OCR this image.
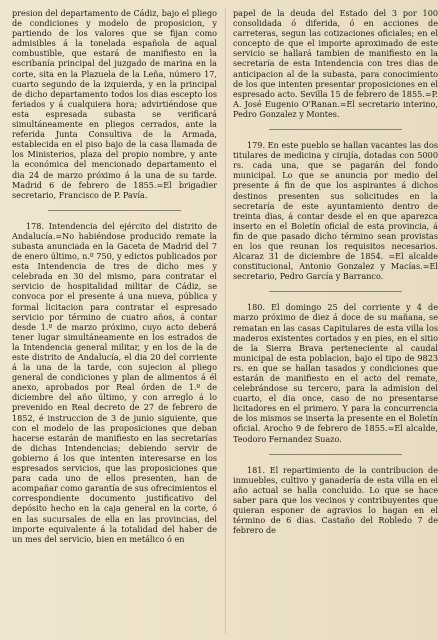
presion del departamento de Cádiz, bajo el pliego de condiciones y modelo de proposicion, y partiendo de los valores que se fijan como admisibles á la tonelada española de aqual combustible, que estará de manifiesto en la escribanía principal del juzgado de marina en la corte, sita en la Plazuela de la Leña, número 17, cuarto segundo de la izquierda, y en la principal de dicho departamento todos los dias escepto los feriados y á cualquiera hora; advirtiéndose que esta espresada subasta se verificará simultáneamente en pliegos cerrados, ante la referida Junta Consultiva de la Armada, establecida en el piso bajo de la casa llamada de los Ministerios, plaza del propio nombre, y ante la económica del mencionado departamento el dia 24 de marzo próximo á la una de su tarde. Madrid 6 de febrero de 1855.=El brigadier secretario, Francisco de P. Pavía.

178. Intendencia del ejército del distrito de Andalucía.=No habiéndose producido remate la subasta anunciada en la Gaceta de Madrid del 7 de enero último, n.º 750, y edictos publicados por esta Intendencia de tres de dicho mes y celebrada en 30 del mismo, para contratar el servicio de hospitalidad militar de Cádiz, se convoca por el presente á una nueva, pública y formal licitacion para contratar el espresado servicio por término de cuatro años, á contar desde 1.º de marzo próximo, cuyo acto deberá tener lugar simultáneamente en los estrados de la Intendencia general militar, y en los de la de este distrito de Andalucía, el dia 20 del corriente á la una de la tarde, con sujecion al pliego general de condiciones y plan de alimentos á él anexo, aprobados por Real órden de 1.º de diciembre del año último, y con arreglo á lo prevenido en Real decreto de 27 de febrero de 1852, é instruccion de 3 de junio siguiente, que con el modelo de las proposiciones que deban hacerse estarán de manifiesto en las secretarías de dichas Intendencias; debiendo servir de gobierno á los que intenten interesarse en los espresados servicios, que las proposiciones que para cada uno de ellos presenten, han de acompañar como garantía de sus ofrecimientos el correspondiente documento justificativo del depósito hecho en la caja general en la corte, ó en las sucursales de ella en las provincias, del importe equivalente á la totalidad del haber de un mes del servicio, bien en metálico ó en

papel de la deuda del Estado del 3 por 100 consolidada ó diferida, ó en acciones de carreteras, segun las cotizaciones oficiales; en el concepto de que el importe aproximado de este servicio se hallará tambien de manifiesto en la secretaría de esta Intendencia con tres dias de anticipacion al de la subasta, para conocimiento de los que intenten presentar proposiciones en el espresado acto. Sevilla 15 de febrero de 1855.=P. A. José Eugenio O'Ranan.=El secretario interino, Pedro Gonzalez y Montes.

179. En este pueblo se hallan vacantes las dos titulares de medicina y cirujía, dotadas con 5000 rs. cada una, que se pagarán del fondo municipal. Lo que se anuncia por medio del presente á fin de que los aspirantes á dichos destinos presenten sus solicitudes en la secretaría de este ayuntamiento dentro de treinta dias, á contar desde el en que aparezca inserto en el Boletín oficial de esta provincia, á fin de que pasado dicho término sean provistas en los que reunan los requisitos necesarios. Alcaraz 31 de diciembre de 1854. =El alcalde constitucional, Antonio Gonzalez y Macías.=El secretario, Pedro García y Barranco.

180. El domingo 25 del corriente y 4 de marzo próximo de diez á doce de su mañana, se rematan en las casas Capitulares de esta villa los maderos existentes cortados y en pies, en el sitio de la Sierra Brava perteneciente al caudal municipal de esta poblacion, bajo el tipo de 9823 rs. en que se hallan tasados y condiciones que estarán de manifiesto en el acto del remate, celebrándose su tercero, para la admision del cuarto, el dia once, caso de no presentarse licitadores en el primero. Y para la concurrencia de los mismos se inserta la presente en el Boletín oficial. Arocho 9 de febrero de 1855.=El alcalde, Teodoro Fernandez Suazo.

181. El repartimiento de la contribucion de inmuebles, cultivo y ganadería de esta villa en el año actual se halla concluido. Lo que se hace saber para que los vecinos y contribuyentes que quieran esponer de agravios lo hagan en el término de 6 dias. Castaño del Robledo 7 de febrero de
